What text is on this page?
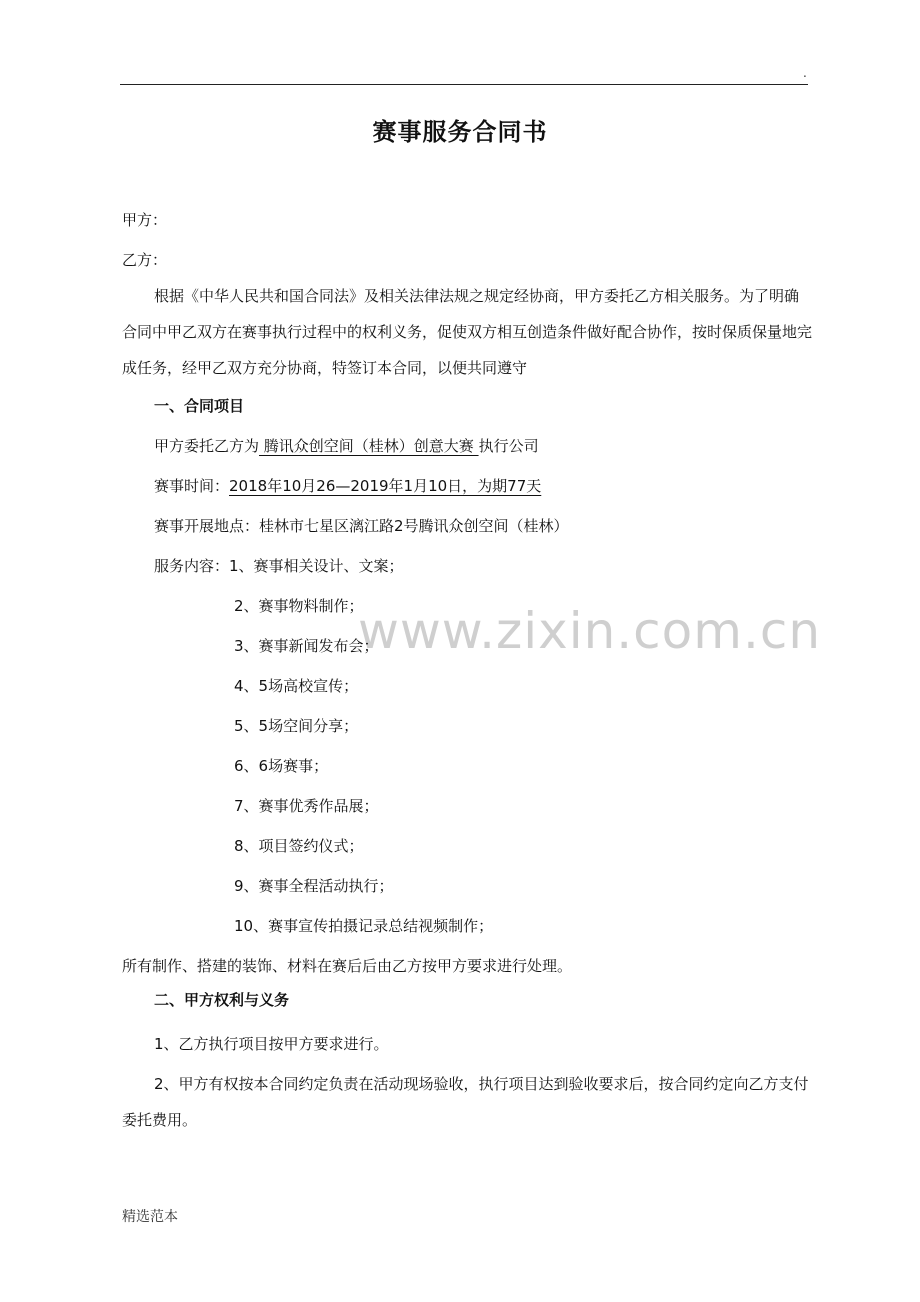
.
赛事服务合同书
www.zixin.com.cn
甲方：
乙方：
根据《中华人民共和国合同法》及相关法律法规之规定经协商，甲方委托乙方相关服务。为了明确合同中甲乙双方在赛事执行过程中的权利义务，促使双方相互创造条件做好配合协作，按时保质保量地完成任务，经甲乙双方充分协商，特签订本合同，以便共同遵守
一、合同项目
甲方委托乙方为 腾讯众创空间（桂林）创意大赛 执行公司
赛事时间：2018年10月26—2019年1月10日，为期77天
赛事开展地点：桂林市七星区漓江路2号腾讯众创空间（桂林）
服务内容：1、赛事相关设计、文案；
2、赛事物料制作；
3、赛事新闻发布会；
4、5场高校宣传；
5、5场空间分享；
6、6场赛事；
7、赛事优秀作品展；
8、项目签约仪式；
9、赛事全程活动执行；
10、赛事宣传拍摄记录总结视频制作；
所有制作、搭建的装饰、材料在赛后后由乙方按甲方要求进行处理。
二、甲方权利与义务
1、乙方执行项目按甲方要求进行。
2、甲方有权按本合同约定负责在活动现场验收，执行项目达到验收要求后，按合同约定向乙方支付委托费用。
精选范本
